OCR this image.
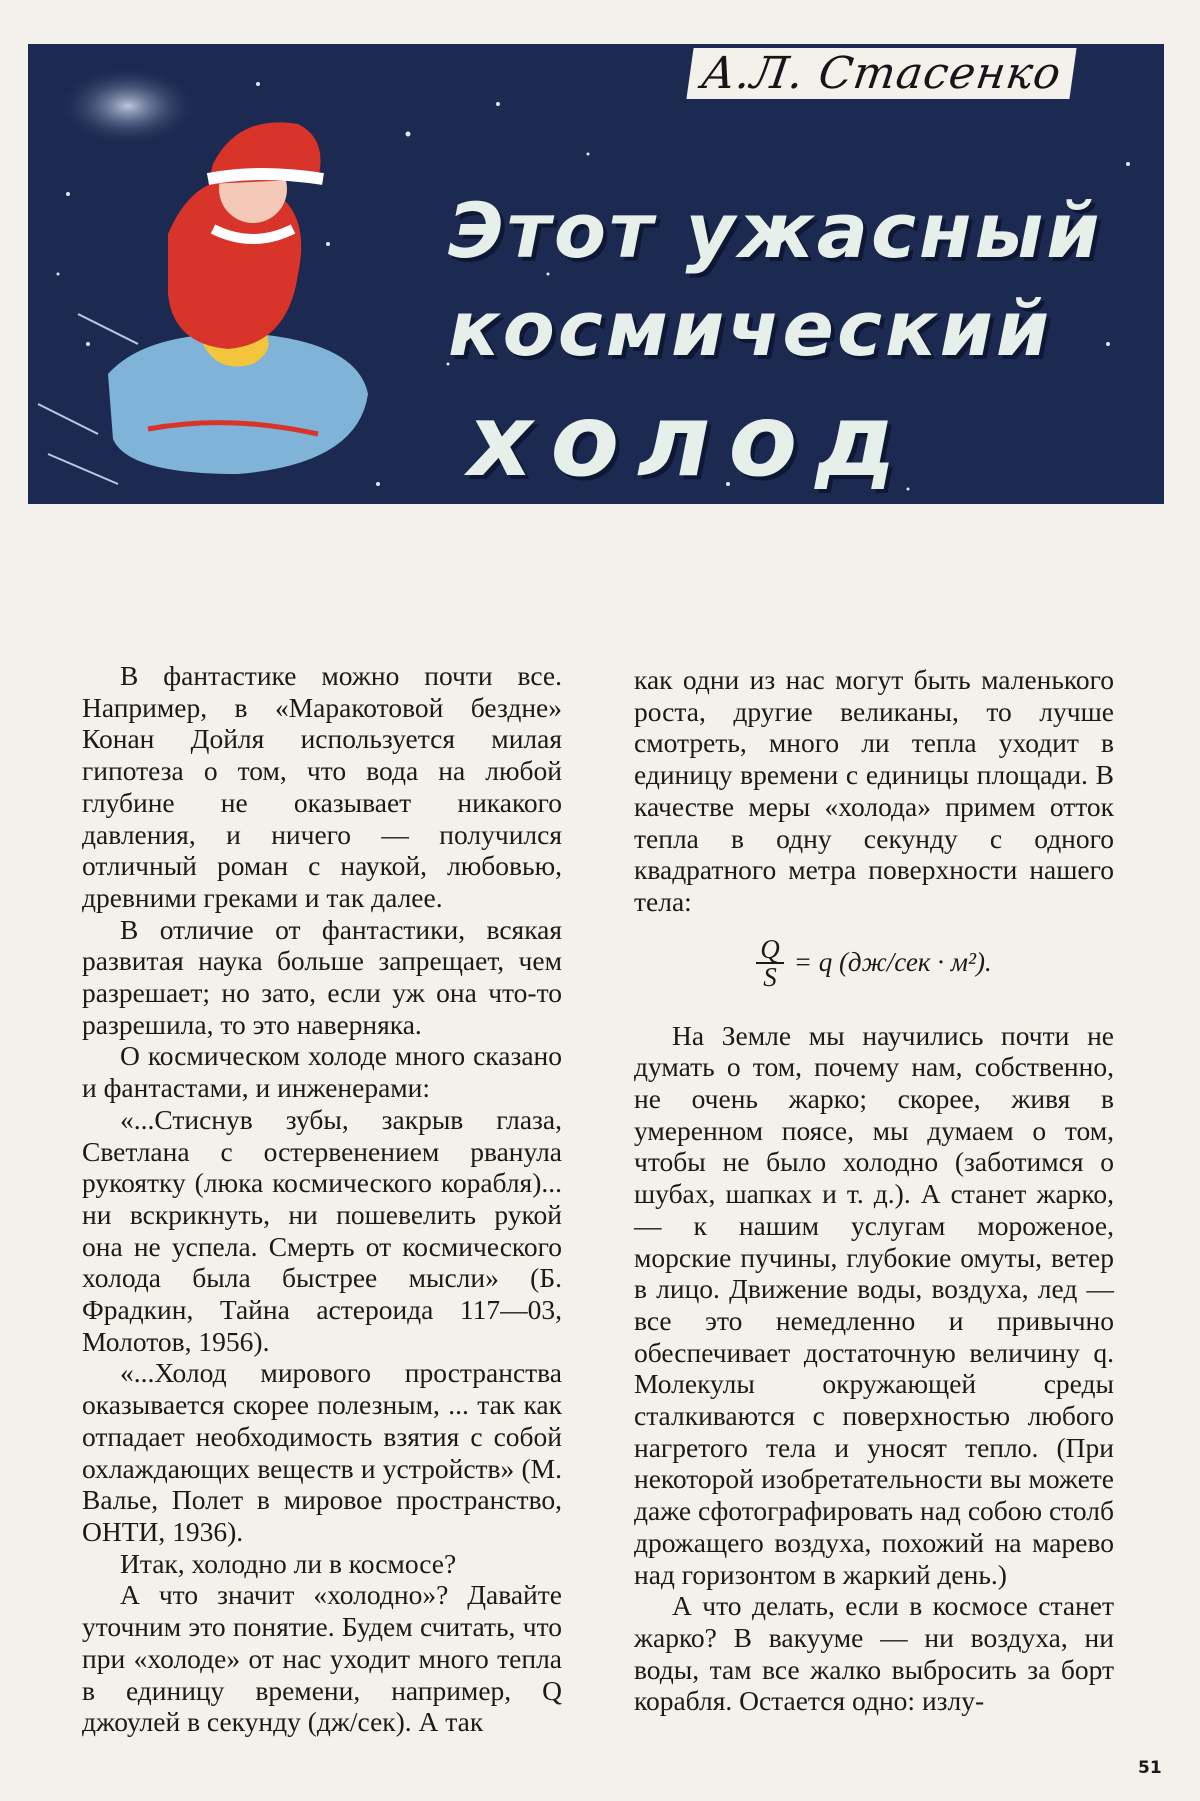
Этот ужасный
космический
холод
А.Л. Стасенко

В фантастике можно почти все. Например, в «Маракотовой бездне» Конан Дойля используется милая гипотеза о том, что вода на любой глубине не оказывает никакого давления, и ничего — получился отличный роман с наукой, любовью, древними греками и так далее.

В отличие от фантастики, всякая развитая наука больше запрещает, чем разрешает; но зато, если уж она что-то разрешила, то это наверняка.

О космическом холоде много сказано и фантастами, и инженерами:

«...Стиснув зубы, закрыв глаза, Светлана с остервенением рванула рукоятку (люка космического корабля)... ни вскрикнуть, ни пошевелить рукой она не успела. Смерть от космического холода была быстрее мысли» (Б. Фрадкин, Тайна астероида 117—03, Молотов, 1956).

«...Холод мирового пространства оказывается скорее полезным, ... так как отпадает необходимость взятия с собой охлаждающих веществ и устройств» (М. Валье, Полет в мировое пространство, ОНТИ, 1936).

Итак, холодно ли в космосе?

А что значит «холодно»? Давайте уточним это понятие. Будем считать, что при «холоде» от нас уходит много тепла в единицу времени, например, Q джоулей в секунду (дж/сек). А так

как одни из нас могут быть маленького роста, другие великаны, то лучше смотреть, много ли тепла уходит в единицу времени с единицы площади. В качестве меры «холода» примем отток тепла в одну секунду с одного квадратного метра поверхности нашего тела:

$\frac{Q}{S} = q$ (дж/сек · м²).

На Земле мы научились почти не думать о том, почему нам, собственно, не очень жарко; скорее, живя в умеренном поясе, мы думаем о том, чтобы не было холодно (заботимся о шубах, шапках и т. д.). А станет жарко,— к нашим услугам мороженое, морские пучины, глубокие омуты, ветер в лицо. Движение воды, воздуха, лед — все это немедленно и привычно обеспечивает достаточную величину q. Молекулы окружающей среды сталкиваются с поверхностью любого нагретого тела и уносят тепло. (При некоторой изобретательности вы можете даже сфотографировать над собою столб дрожащего воздуха, похожий на марево над горизонтом в жаркий день.)

А что делать, если в космосе станет жарко? В вакууме — ни воздуха, ни воды, там все жалко выбросить за борт корабля. Остается одно: излу-

51
